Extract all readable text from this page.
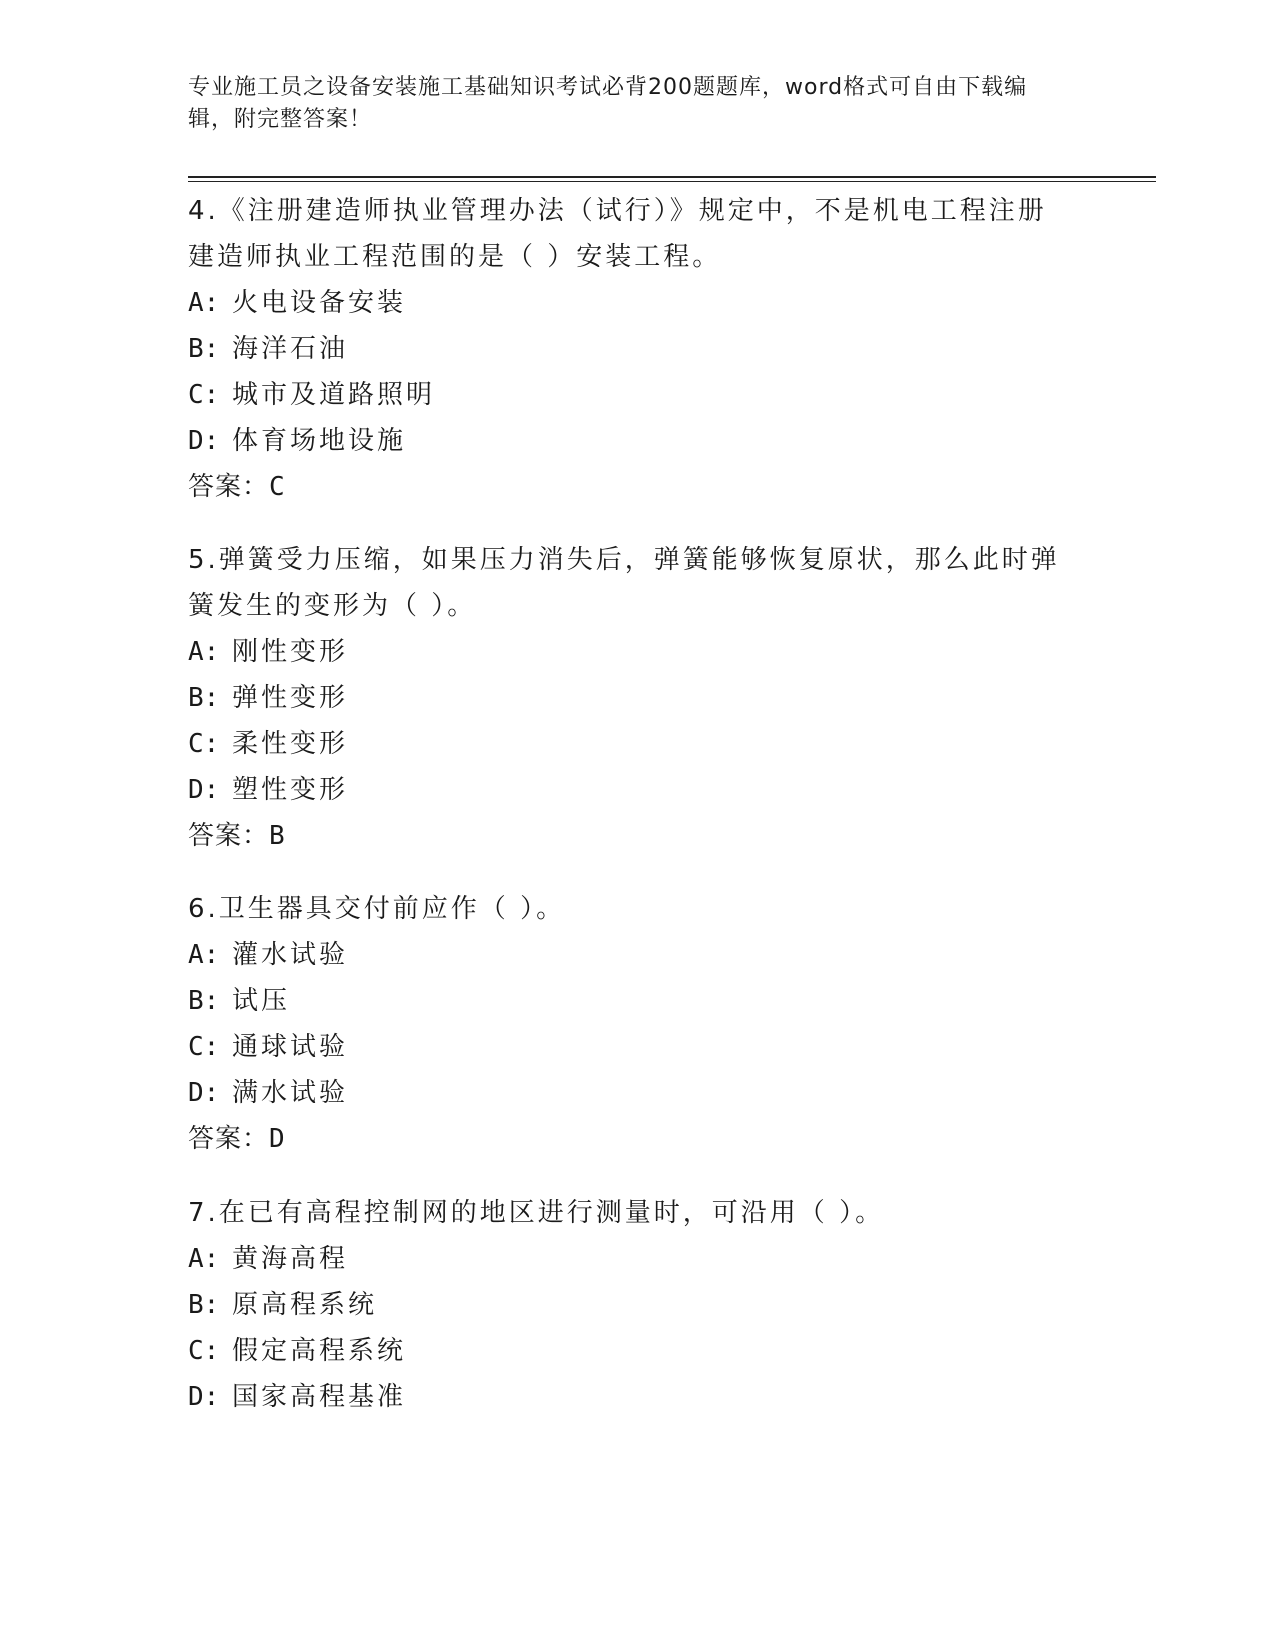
专业施工员之设备安装施工基础知识考试必背200题题库，word格式可自由下载编辑，附完整答案！
4.《注册建造师执业管理办法（试行）》规定中，不是机电工程注册建造师执业工程范围的是（ ）安装工程。
A: 火电设备安装
B: 海洋石油
C: 城市及道路照明
D: 体育场地设施
答案：C
5.弹簧受力压缩，如果压力消失后，弹簧能够恢复原状，那么此时弹簧发生的变形为（ ）。
A: 刚性变形
B: 弹性变形
C: 柔性变形
D: 塑性变形
答案：B
6.卫生器具交付前应作（ ）。
A: 灌水试验
B: 试压
C: 通球试验
D: 满水试验
答案：D
7.在已有高程控制网的地区进行测量时，可沿用（ ）。
A: 黄海高程
B: 原高程系统
C: 假定高程系统
D: 国家高程基准
